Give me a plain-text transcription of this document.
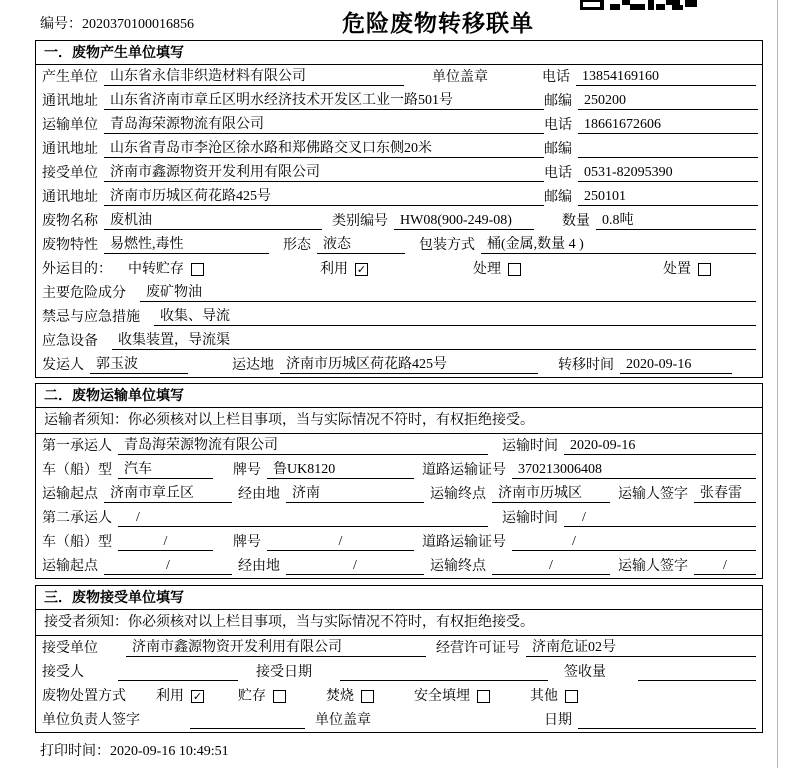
编号：2020370100016856	危险废物转移联单
一．废物产生单位填写
产生单位 山东省永信非织造材料有限公司	单位盖章	电话 13854169160
通讯地址 山东省济南市章丘区明水经济技术开发区工业一路501号	邮编 250200
运输单位 青岛海荣源物流有限公司	电话 18661672606
通讯地址 山东省青岛市李沧区徐水路和郑佛路交叉口东侧20米	邮编
接受单位 济南市鑫源物资开发利用有限公司	电话 0531-82095390
通讯地址 济南市历城区荷花路425号	邮编 250101
废物名称 废机油	类别编号 HW08(900-249-08)	数量 0.8吨
废物特性 易燃性,毒性	形态 液态	包装方式 桶(金属,数量 4 )
外运目的： 中转贮存	利用 ✓	处理	处置
主要危险成分	废矿物油
禁忌与应急措施	收集、导流
应急设备	收集装置，导流渠
发运人 郭玉波	运达地 济南市历城区荷花路425号	转移时间 2020-09-16
二．废物运输单位填写
运输者须知：你必须核对以上栏目事项，当与实际情况不符时，有权拒绝接受。
第一承运人 青岛海荣源物流有限公司	运输时间 2020-09-16
车（船）型 汽车	牌号 鲁UK8120	道路运输证号 370213006408
运输起点 济南市章丘区	经由地 济南	运输终点 济南市历城区	运输人签字 张春雷
第二承运人	/	运输时间	/
车（船）型	/	牌号	/	道路运输证号	/
运输起点	/	经由地	/	运输终点	/	运输人签字	/
三．废物接受单位填写
接受者须知：你必须核对以上栏目事项，当与实际情况不符时，有权拒绝接受。
接受单位	济南市鑫源物资开发利用有限公司	经营许可证号 济南危证02号
接受人	接受日期	签收量
废物处置方式 利用 ✓	贮存	焚烧	安全填埋	其他
单位负责人签字	单位盖章	日期
打印时间：2020-09-16 10:49:51
